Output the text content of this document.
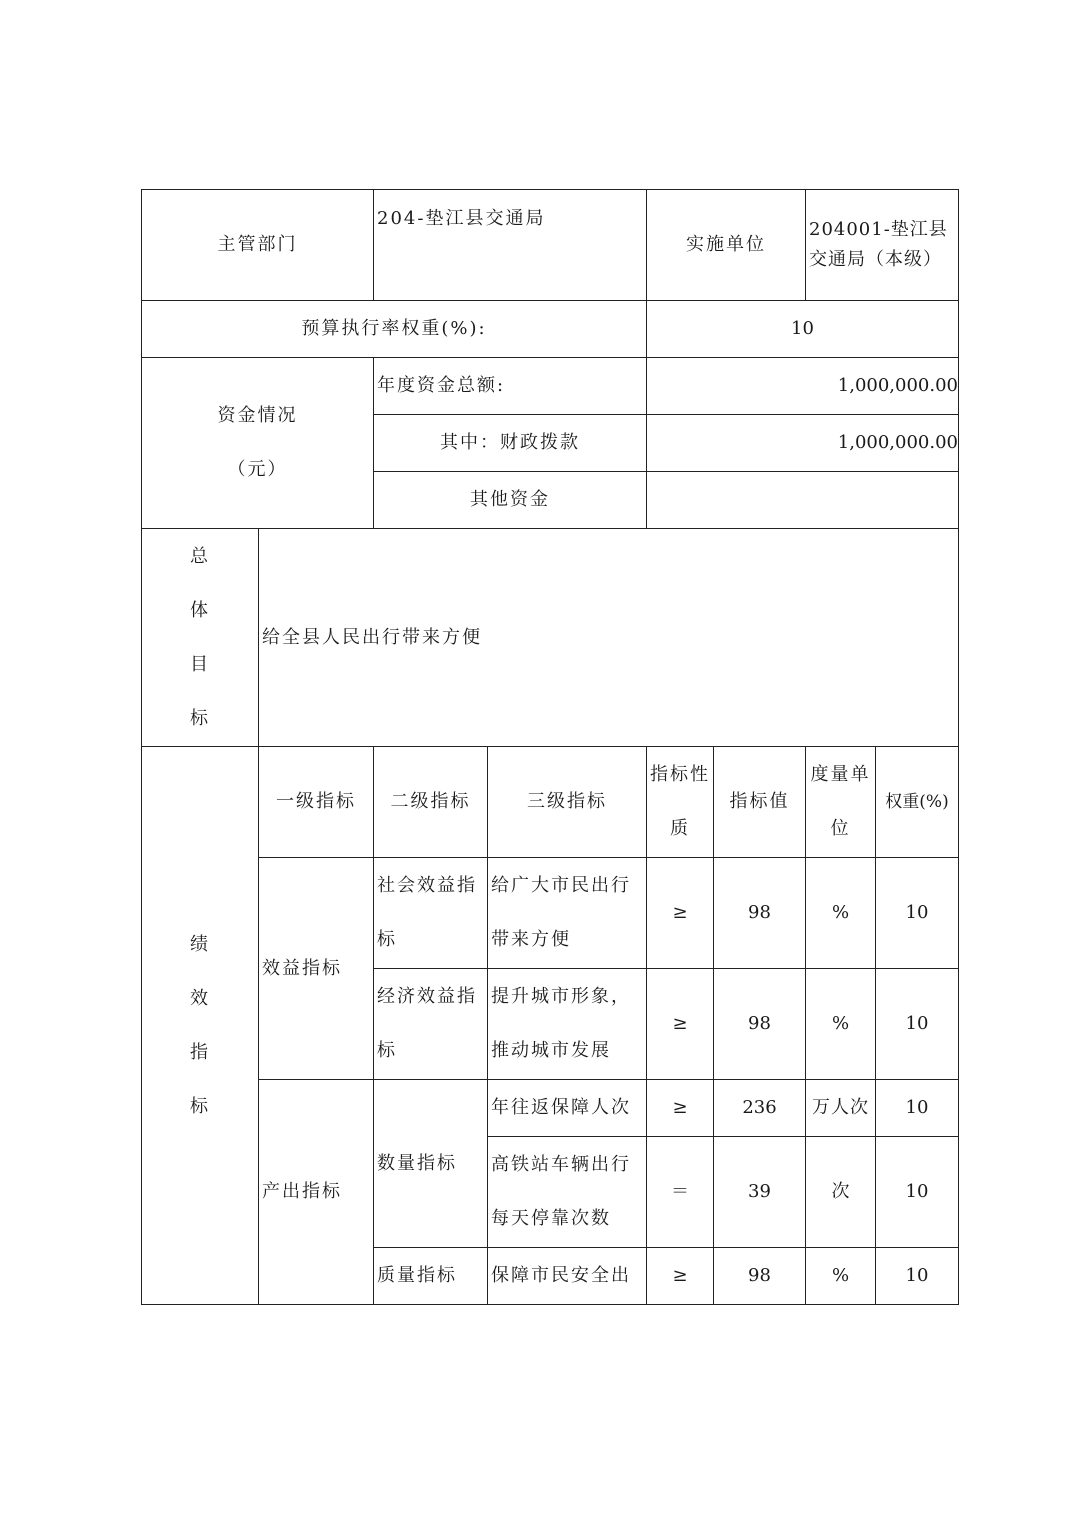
主管部门		204-垫江县交通局		实施单位		204001-垫江县交通局（本级）	
预算执行率权重(%):				10			

资金情况
（元）		年度资金总额:		1,000,000.00			
		其中：财政拨款		1,000,000.00			
		其他资金					

总
体
目
标	给全县人民出行带来方便						

绩
效
指
标	一级指标	二级指标	三级指标	指标性质	指标值	度量单位	权重(%)
	效益指标	社会效益指标	给广大市民出行带来方便	≥	98	%	10
		经济效益指标	提升城市形象，推动城市发展	≥	98	%	10
	产出指标	数量指标	年往返保障人次	≥	236	万人次	10
			高铁站车辆出行每天停靠次数	＝	39	次	10
		质量指标	保障市民安全出	≥	98	%	10
